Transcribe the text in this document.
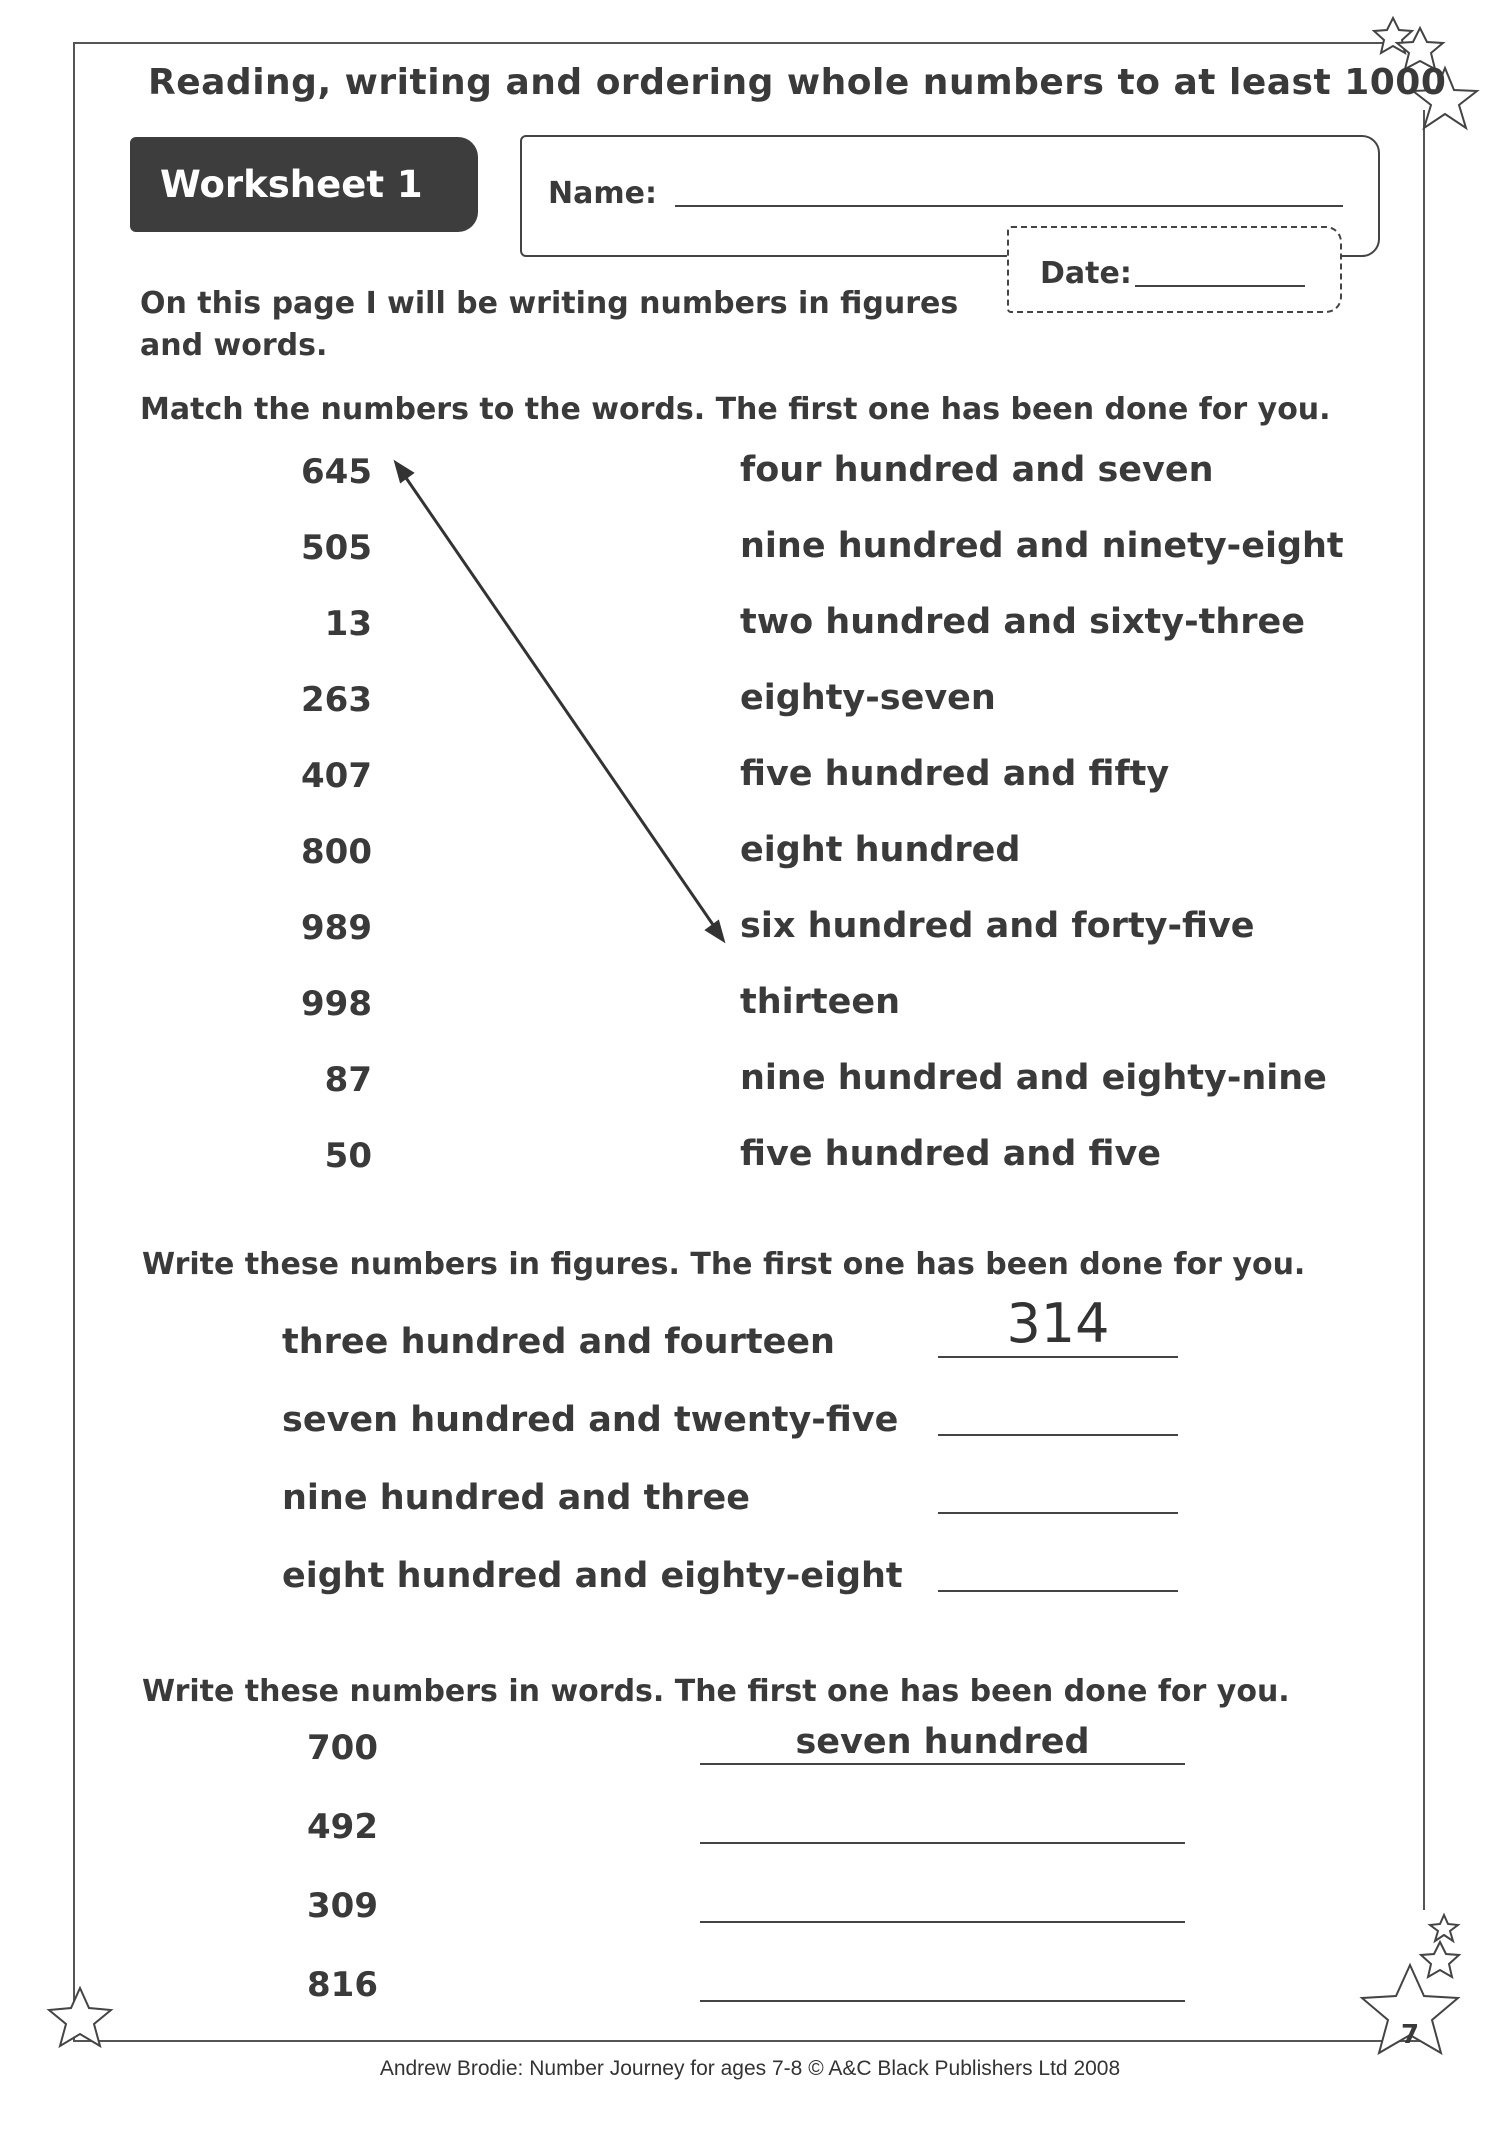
Reading, writing and ordering whole numbers to at least 1000
Worksheet 1	Name:
Date:
On this page I will be writing numbers in figures
and words.
Match the numbers to the words. The first one has been done for you.
645
505
13
263
407
800
989
998
87
50
four hundred and seven
nine hundred and ninety-eight
two hundred and sixty-three
eighty-seven
five hundred and fifty
eight hundred
six hundred and forty-five
thirteen
nine hundred and eighty-nine
five hundred and five
Write these numbers in figures. The first one has been done for you.
three hundred and fourteen
seven hundred and twenty-five
nine hundred and three
eight hundred and eighty-eight
314
Write these numbers in words. The first one has been done for you.
700
492
309
816
seven hundred
7
Andrew Brodie: Number Journey for ages 7-8 © A&C Black Publishers Ltd 2008
